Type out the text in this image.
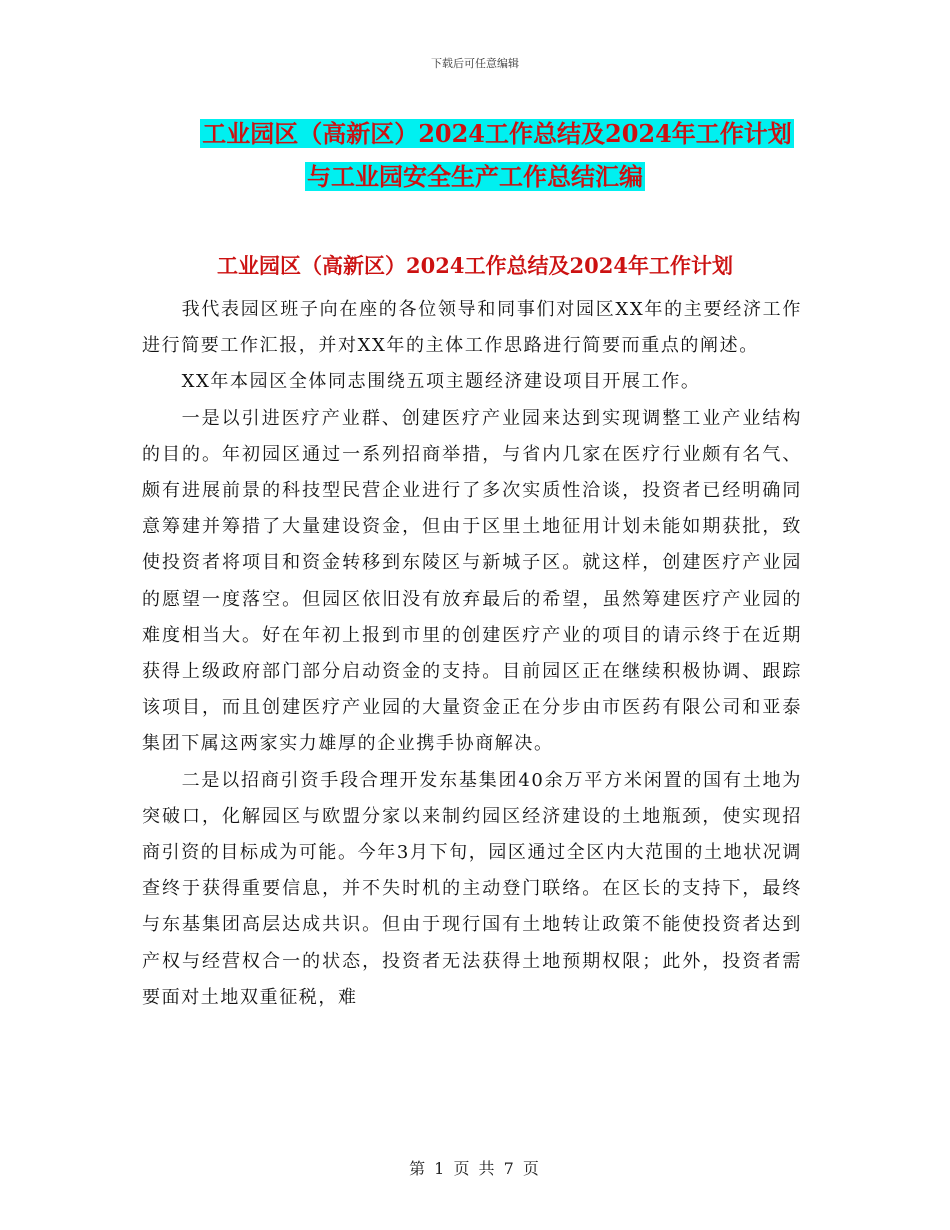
下载后可任意编辑
工业园区（高新区）2024工作总结及2024年工作计划
与工业园安全生产工作总结汇编
工业园区（高新区）2024工作总结及2024年工作计划

我代表园区班子向在座的各位领导和同事们对园区XX年的主要经济工作进行简要工作汇报，并对XX年的主体工作思路进行简要而重点的阐述。

XX年本园区全体同志围绕五项主题经济建设项目开展工作。

一是以引进医疗产业群、创建医疗产业园来达到实现调整工业产业结构的目的。年初园区通过一系列招商举措，与省内几家在医疗行业颇有名气、颇有进展前景的科技型民营企业进行了多次实质性洽谈，投资者已经明确同意筹建并筹措了大量建设资金，但由于区里土地征用计划未能如期获批，致使投资者将项目和资金转移到东陵区与新城子区。就这样，创建医疗产业园的愿望一度落空。但园区依旧没有放弃最后的希望，虽然筹建医疗产业园的难度相当大。好在年初上报到市里的创建医疗产业的项目的请示终于在近期获得上级政府部门部分启动资金的支持。目前园区正在继续积极协调、跟踪该项目，而且创建医疗产业园的大量资金正在分步由市医药有限公司和亚泰集团下属这两家实力雄厚的企业携手协商解决。

二是以招商引资手段合理开发东基集团40余万平方米闲置的国有土地为突破口，化解园区与欧盟分家以来制约园区经济建设的土地瓶颈，使实现招商引资的目标成为可能。今年3月下旬，园区通过全区内大范围的土地状况调查终于获得重要信息，并不失时机的主动登门联络。在区长的支持下，最终与东基集团高层达成共识。但由于现行国有土地转让政策不能使投资者达到产权与经营权合一的状态，投资者无法获得土地预期权限；此外，投资者需要面对土地双重征税，难

第 1 页 共 7 页
